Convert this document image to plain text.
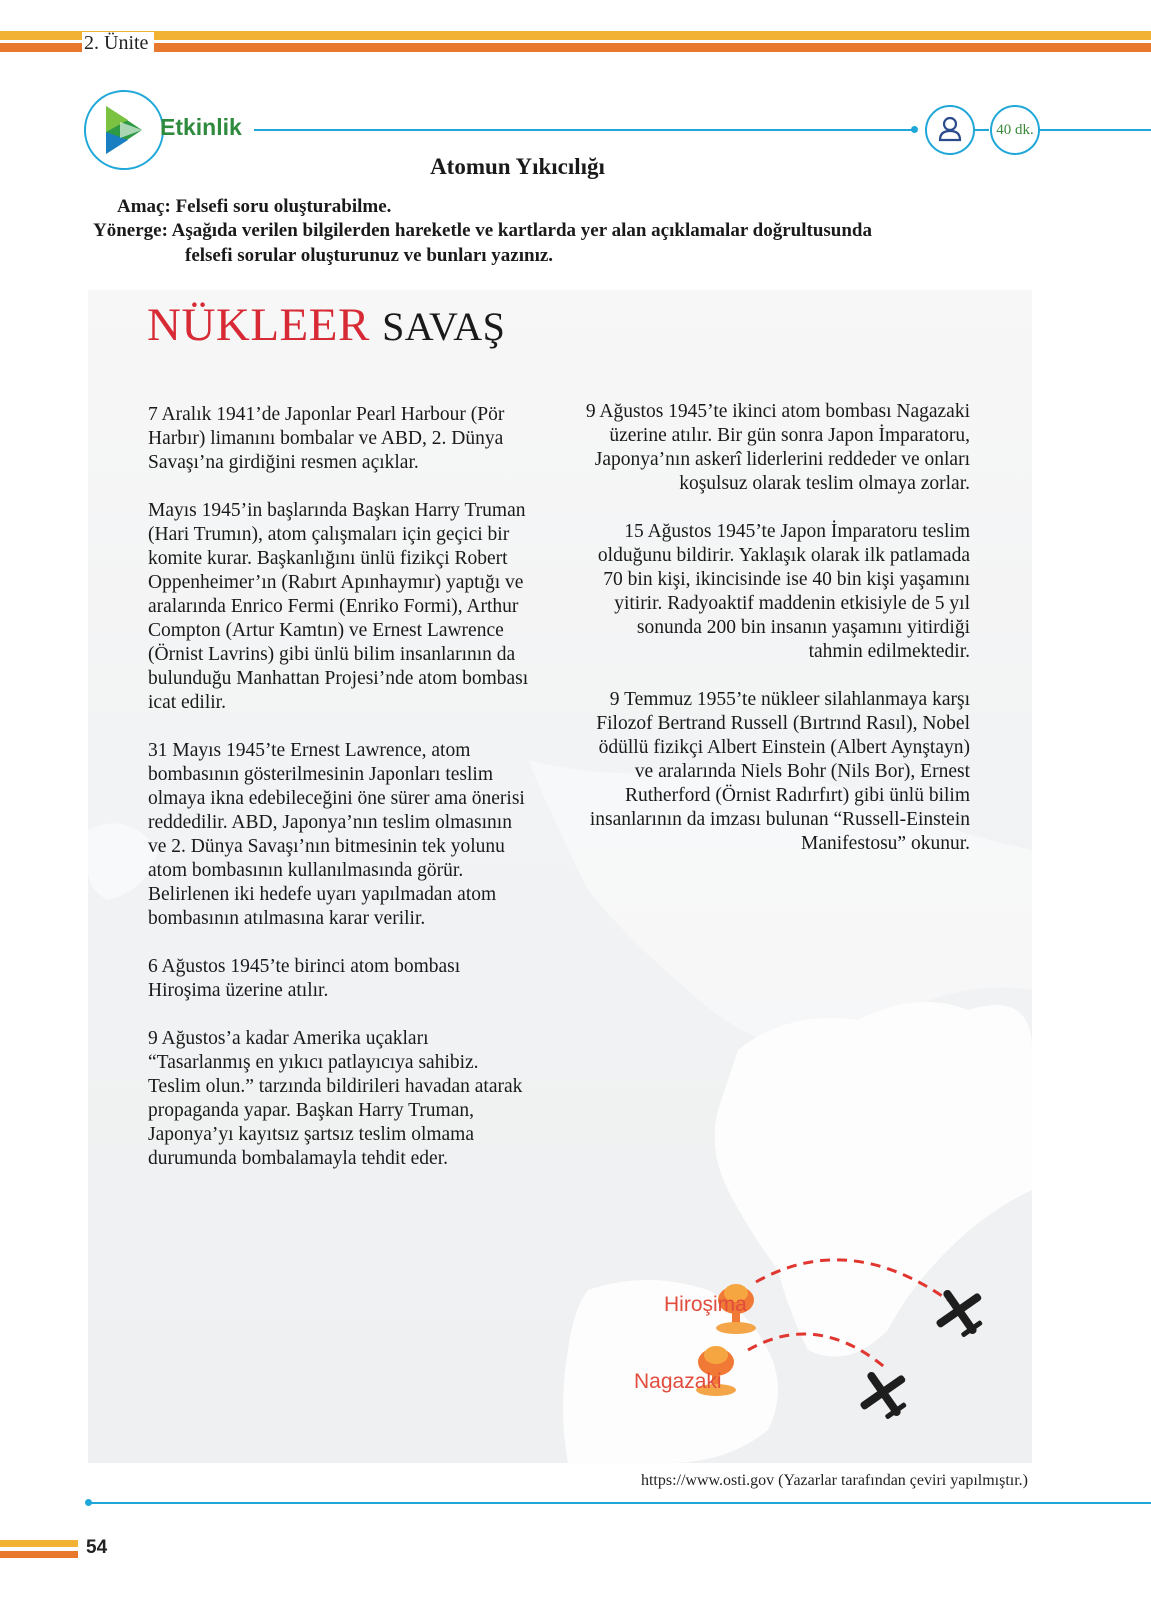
2. Ünite
Etkinlik	40 dk.
Atomun Yıkıcılığı
Amaç: Felsefi soru oluşturabilme.
Yönerge: Aşağıda verilen bilgilerden hareketle ve kartlarda yer alan açıklamalar doğrultusunda
felsefi sorular oluşturunuz ve bunları yazınız.
NÜKLEER SAVAŞ

7 Aralık 1941’de Japonlar Pearl Harbour (Pör Harbır) limanını bombalar ve ABD, 2. Dünya Savaşı’na girdiğini resmen açıklar.

Mayıs 1945’in başlarında Başkan Harry Truman (Hari Trumın), atom çalışmaları için geçici bir komite kurar. Başkanlığını ünlü fizikçi Robert Oppenheimer’ın (Rabırt Apınhaymır) yaptığı ve aralarında Enrico Fermi (Enriko Formi), Arthur Compton (Artur Kamtın) ve Ernest Lawrence (Örnist Lavrins) gibi ünlü bilim insanlarının da bulunduğu Manhattan Projesi’nde atom bombası icat edilir.

31 Mayıs 1945’te Ernest Lawrence, atom bombasının gösterilmesinin Japonları teslim olmaya ikna edebileceğini öne sürer ama önerisi reddedilir. ABD, Japonya’nın teslim olmasının ve 2. Dünya Savaşı’nın bitmesinin tek yolunu atom bombasının kullanılmasında görür. Belirlenen iki hedefe uyarı yapılmadan atom bombasının atılmasına karar verilir.

6 Ağustos 1945’te birinci atom bombası Hiroşima üzerine atılır.

9 Ağustos’a kadar Amerika uçakları “Tasarlanmış en yıkıcı patlayıcıya sahibiz. Teslim olun.” tarzında bildirileri havadan atarak propaganda yapar. Başkan Harry Truman, Japonya’yı kayıtsız şartsız teslim olmama durumunda bombalamayla tehdit eder.

9 Ağustos 1945’te ikinci atom bombası Nagazaki üzerine atılır. Bir gün sonra Japon İmparatoru, Japonya’nın askerî liderlerini reddeder ve onları koşulsuz olarak teslim olmaya zorlar.

15 Ağustos 1945’te Japon İmparatoru teslim olduğunu bildirir. Yaklaşık olarak ilk patlamada 70 bin kişi, ikincisinde ise 40 bin kişi yaşamını yitirir. Radyoaktif maddenin etkisiyle de 5 yıl sonunda 200 bin insanın yaşamını yitirdiği tahmin edilmektedir.

9 Temmuz 1955’te nükleer silahlanmaya karşı Filozof Bertrand Russell (Bırtrınd Rasıl), Nobel ödüllü fizikçi Albert Einstein (Albert Aynştayn) ve aralarında Niels Bohr (Nils Bor), Ernest Rutherford (Örnist Radırfırt) gibi ünlü bilim insanlarının da imzası bulunan “Russell-Einstein Manifestosu” okunur.

Hiroşima
Nagazaki
https://www.osti.gov (Yazarlar tarafından çeviri yapılmıştır.)
54
